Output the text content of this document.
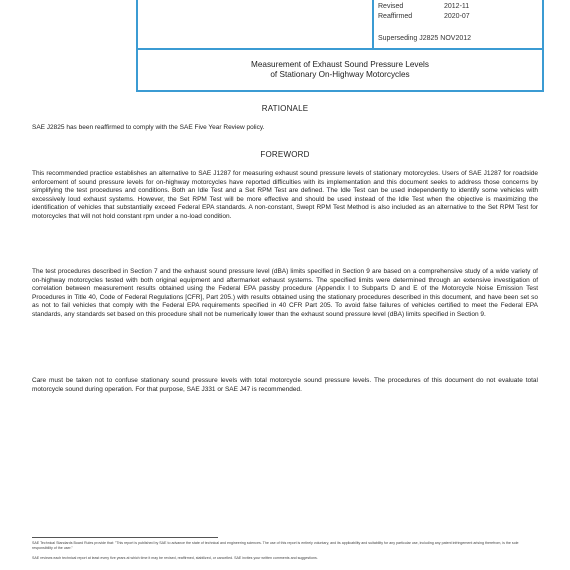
Revised	2012-11
Reaffirmed	2020-07
Superseding J2825 NOV2012
Measurement of Exhaust Sound Pressure Levels
of Stationary On-Highway Motorcycles
RATIONALE

SAE J2825 has been reaffirmed to comply with the SAE Five Year Review policy.

FOREWORD

This recommended practice establishes an alternative to SAE J1287 for measuring exhaust sound pressure levels of stationary motorcycles. Users of SAE J1287 for roadside enforcement of sound pressure levels for on-highway motorcycles have reported difficulties with its implementation and this document seeks to address those concerns by simplifying the test procedures and conditions. Both an Idle Test and a Set RPM Test are defined. The Idle Test can be used independently to identify some vehicles with excessively loud exhaust systems. However, the Set RPM Test will be more effective and should be used instead of the Idle Test when the objective is maximizing the identification of vehicles that substantially exceed Federal EPA standards. A non-constant, Swept RPM Test Method is also included as an alternative to the Set RPM Test for motorcycles that will not hold constant rpm under a no-load condition.

The test procedures described in Section 7 and the exhaust sound pressure level (dBA) limits specified in Section 9 are based on a comprehensive study of a wide variety of on-highway motorcycles tested with both original equipment and aftermarket exhaust systems. The specified limits were determined through an extensive investigation of correlation between measurement results obtained using the Federal EPA passby procedure (Appendix I to Subparts D and E of the Motorcycle Noise Emission Test Procedures in Title 40, Code of Federal Regulations [CFR], Part 205.) with results obtained using the stationary procedures described in this document, and have been set so as not to fail vehicles that comply with the Federal EPA requirements specified in 40 CFR Part 205. To avoid false failures of vehicles certified to meet the Federal EPA standards, any standards set based on this procedure shall not be numerically lower than the exhaust sound pressure level (dBA) limits specified in Section 9.

Care must be taken not to confuse stationary sound pressure levels with total motorcycle sound pressure levels. The procedures of this document do not evaluate total motorcycle sound during operation. For that purpose, SAE J331 or SAE J47 is recommended.

SAE Technical Standards Board Rules provide that: "This report is published by SAE to advance the state of technical and engineering sciences. The use of this report is entirely voluntary, and its applicability and suitability for any particular use, including any patent infringement arising therefrom, is the sole responsibility of the user."

SAE reviews each technical report at least every five years at which time it may be revised, reaffirmed, stabilized, or cancelled. SAE invites your written comments and suggestions.
